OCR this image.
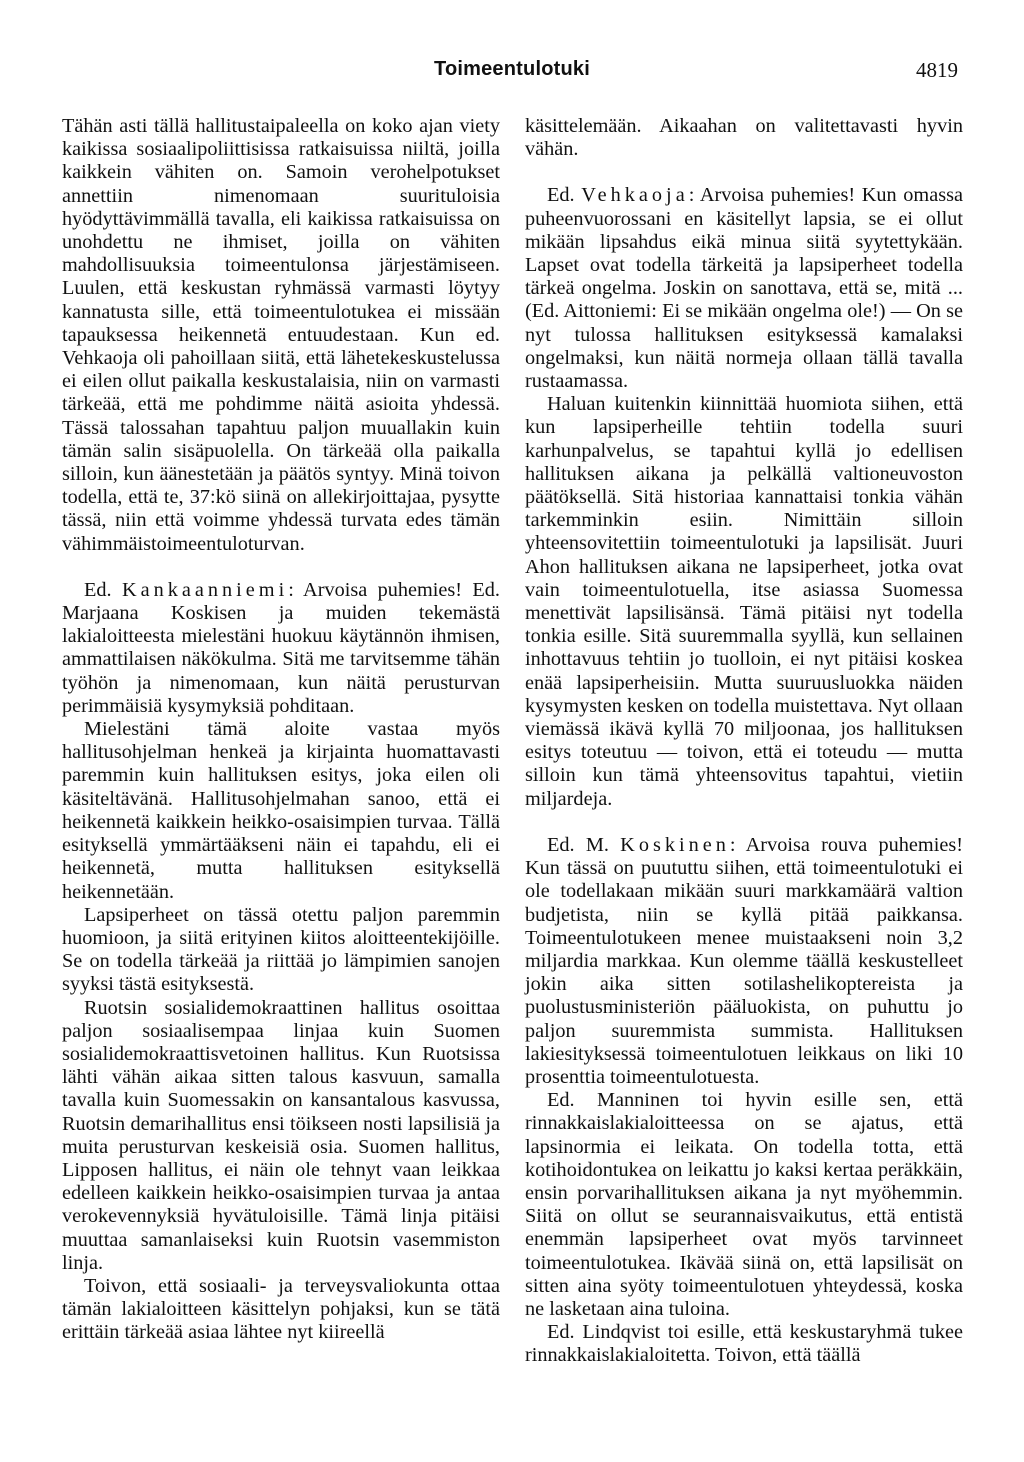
Toimeentulotuki	4819

Tähän asti tällä hallitustaipaleella on koko ajan viety kaikissa sosiaalipoliittisissa ratkaisuissa niiltä, joilla kaikkein vähiten on. Samoin verohelpotukset annettiin nimenomaan suurituloisia hyödyttävimmällä tavalla, eli kaikissa ratkaisuissa on unohdettu ne ihmiset, joilla on vähiten mahdollisuuksia toimeentulonsa järjestämiseen. Luulen, että keskustan ryhmässä varmasti löytyy kannatusta sille, että toimeentulotukea ei missään tapauksessa heikennetä entuudestaan. Kun ed. Vehkaoja oli pahoillaan siitä, että lähetekeskustelussa ei eilen ollut paikalla keskustalaisia, niin on varmasti tärkeää, että me pohdimme näitä asioita yhdessä. Tässä talossahan tapahtuu paljon muuallakin kuin tämän salin sisäpuolella. On tärkeää olla paikalla silloin, kun äänestetään ja päätös syntyy. Minä toivon todella, että te, 37:kö siinä on allekirjoittajaa, pysytte tässä, niin että voimme yhdessä turvata edes tämän vähimmäistoimeentuloturvan.

Ed. Kankaanniemi: Arvoisa puhemies! Ed. Marjaana Koskisen ja muiden tekemästä lakialoitteesta mielestäni huokuu käytännön ihmisen, ammattilaisen näkökulma. Sitä me tarvitsemme tähän työhön ja nimenomaan, kun näitä perusturvan perimmäisiä kysymyksiä pohditaan.

Mielestäni tämä aloite vastaa myös hallitusohjelman henkeä ja kirjainta huomattavasti paremmin kuin hallituksen esitys, joka eilen oli käsiteltävänä. Hallitusohjelmahan sanoo, että ei heikennetä kaikkein heikko-osaisimpien turvaa. Tällä esityksellä ymmärtääkseni näin ei tapahdu, eli ei heikennetä, mutta hallituksen esityksellä heikennetään.

Lapsiperheet on tässä otettu paljon paremmin huomioon, ja siitä erityinen kiitos aloitteentekijöille. Se on todella tärkeää ja riittää jo lämpimien sanojen syyksi tästä esityksestä.

Ruotsin sosialidemokraattinen hallitus osoittaa paljon sosiaalisempaa linjaa kuin Suomen sosialidemokraattisvetoinen hallitus. Kun Ruotsissa lähti vähän aikaa sitten talous kasvuun, samalla tavalla kuin Suomessakin on kansantalous kasvussa, Ruotsin demarihallitus ensi töikseen nosti lapsilisiä ja muita perusturvan keskeisiä osia. Suomen hallitus, Lipposen hallitus, ei näin ole tehnyt vaan leikkaa edelleen kaikkein heikko-osaisimpien turvaa ja antaa verokevennyksiä hyvätuloisille. Tämä linja pitäisi muuttaa samanlaiseksi kuin Ruotsin vasemmiston linja.

Toivon, että sosiaali- ja terveysvaliokunta ottaa tämän lakialoitteen käsittelyn pohjaksi, kun se tätä erittäin tärkeää asiaa lähtee nyt kiireellä

käsittelemään. Aikaahan on valitettavasti hyvin vähän.

Ed. Vehkaoja: Arvoisa puhemies! Kun omassa puheenvuorossani en käsitellyt lapsia, se ei ollut mikään lipsahdus eikä minua siitä syytettykään. Lapset ovat todella tärkeitä ja lapsiperheet todella tärkeä ongelma. Joskin on sanottava, että se, mitä ... (Ed. Aittoniemi: Ei se mikään ongelma ole!) — On se nyt tulossa hallituksen esityksessä kamalaksi ongelmaksi, kun näitä normeja ollaan tällä tavalla rustaamassa.

Haluan kuitenkin kiinnittää huomiota siihen, että kun lapsiperheille tehtiin todella suuri karhunpalvelus, se tapahtui kyllä jo edellisen hallituksen aikana ja pelkällä valtioneuvoston päätöksellä. Sitä historiaa kannattaisi tonkia vähän tarkemminkin esiin. Nimittäin silloin yhteensovitettiin toimeentulotuki ja lapsilisät. Juuri Ahon hallituksen aikana ne lapsiperheet, jotka ovat vain toimeentulotuella, itse asiassa Suomessa menettivät lapsilisänsä. Tämä pitäisi nyt todella tonkia esille. Sitä suuremmalla syyllä, kun sellainen inhottavuus tehtiin jo tuolloin, ei nyt pitäisi koskea enää lapsiperheisiin. Mutta suuruusluokka näiden kysymysten kesken on todella muistettava. Nyt ollaan viemässä ikävä kyllä 70 miljoonaa, jos hallituksen esitys toteutuu — toivon, että ei toteudu — mutta silloin kun tämä yhteensovitus tapahtui, vietiin miljardeja.

Ed. M. Koskinen: Arvoisa rouva puhemies! Kun tässä on puututtu siihen, että toimeentulotuki ei ole todellakaan mikään suuri markkamäärä valtion budjetista, niin se kyllä pitää paikkansa. Toimeentulotukeen menee muistaakseni noin 3,2 miljardia markkaa. Kun olemme täällä keskustelleet jokin aika sitten sotilashelikoptereista ja puolustusministeriön pääluokista, on puhuttu jo paljon suuremmista summista. Hallituksen lakiesityksessä toimeentulotuen leikkaus on liki 10 prosenttia toimeentulotuesta.

Ed. Manninen toi hyvin esille sen, että rinnakkaislakialoitteessa on se ajatus, että lapsinormia ei leikata. On todella totta, että kotihoidontukea on leikattu jo kaksi kertaa peräkkäin, ensin porvarihallituksen aikana ja nyt myöhemmin. Siitä on ollut se seurannaisvaikutus, että entistä enemmän lapsiperheet ovat myös tarvinneet toimeentulotukea. Ikävää siinä on, että lapsilisät on sitten aina syöty toimeentulotuen yhteydessä, koska ne lasketaan aina tuloina.

Ed. Lindqvist toi esille, että keskustaryhmä tukee rinnakkaislakialoitetta. Toivon, että täällä
